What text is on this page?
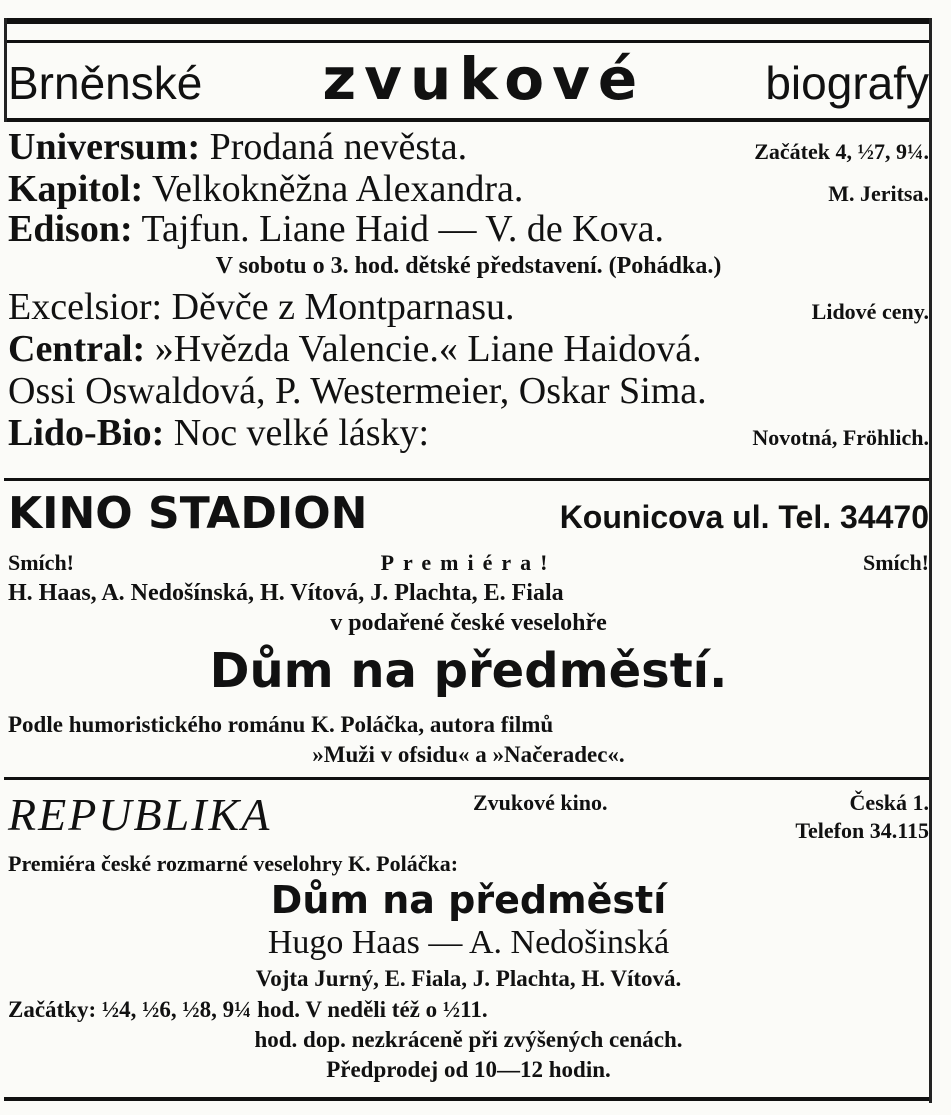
Brněnské zvukové	biografy
Universum: Prodaná nevěsta.	Začátek 4, ½7, 9¼.
Kapitol: Velkokněžna Alexandra.	M. Jeritsa.
Edison: Tajfun. Liane Haid — V. de Kova.
V sobotu o 3. hod. dětské představení. (Pohádka.)
Excelsior: Děvče z Montparnasu.	Lidové ceny.
Central: »Hvězda Valencie.« Liane Haidová.
Ossi Oswaldová, P. Westermeier, Oskar Sima.
Lido-Bio: Noc velké lásky:	Novotná, Fröhlich.
KINO STADION	Kounicova ul. Tel. 34470
Smích!	Premiéra!	Smích!
H. Haas, A. Nedošínská, H. Vítová, J. Plachta, E. Fiala
v podařené české veselohře
Dům na předměstí.
Podle humoristického románu K. Poláčka, autora filmů
»Muži v ofsidu« a »Načeradec«.
REPUBLIKA	Zvukové kino.	Česká 1.
Telefon 34.115
Premiéra české rozmarné veselohry K. Poláčka:
Dům na předměstí
Hugo Haas — A. Nedošinská
Vojta Jurný, E. Fiala, J. Plachta, H. Vítová.
Začátky: ½4, ½6, ½8, 9¼ hod. V neděli též o ½11.
hod. dop. nezkráceně při zvýšených cenách.
Předprodej od 10—12 hodin.
